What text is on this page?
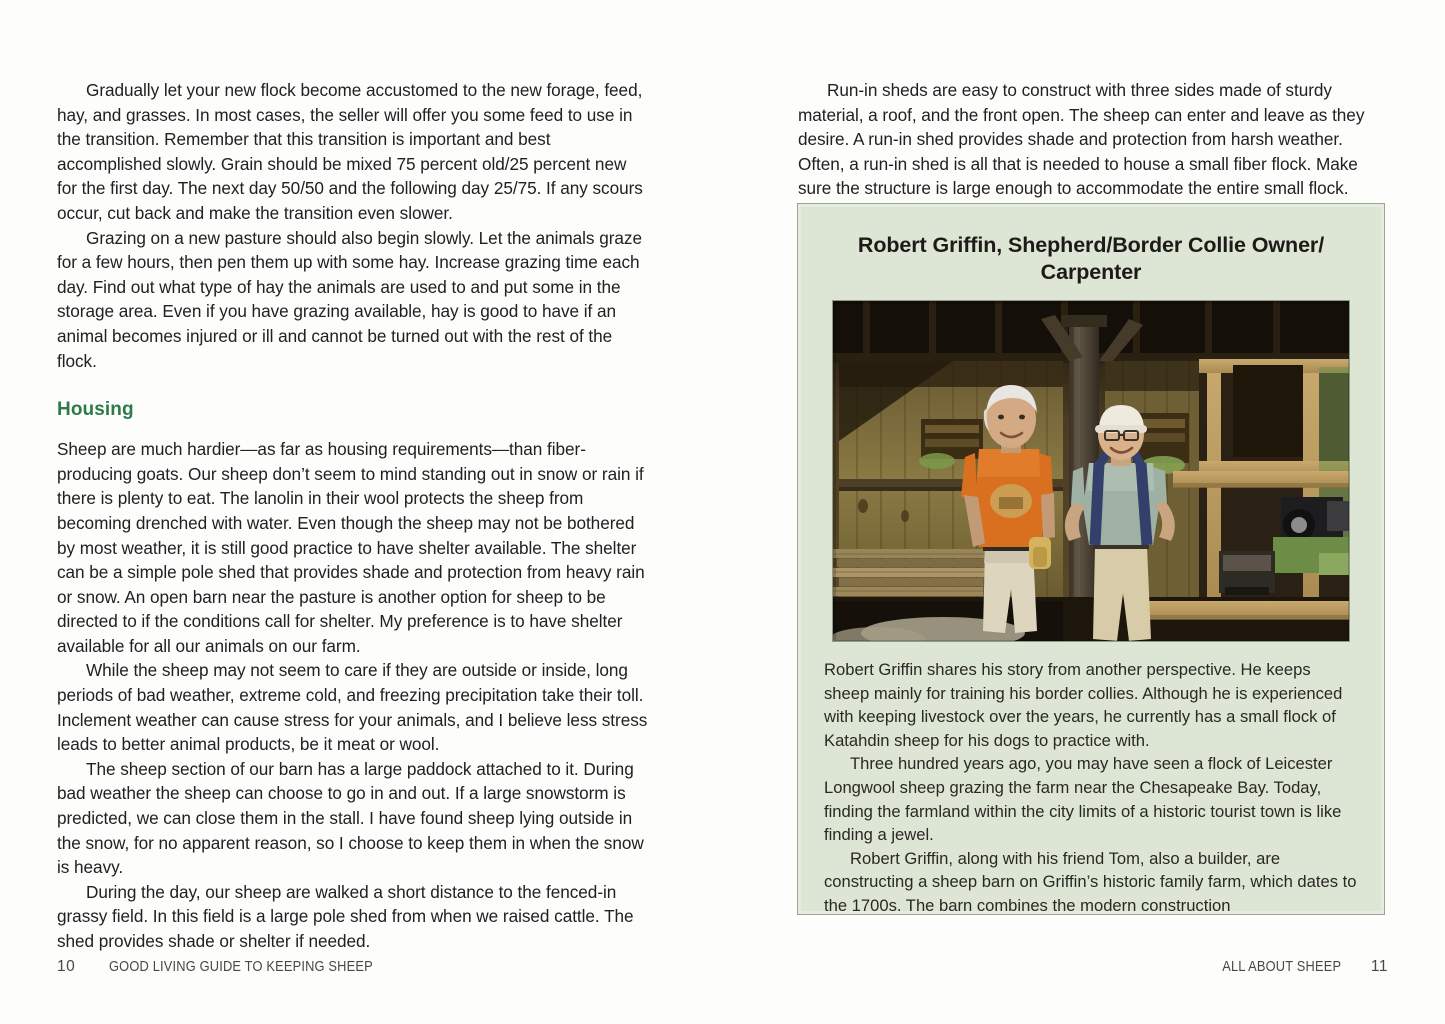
Gradually let your new flock become accustomed to the new forage, feed, hay, and grasses. In most cases, the seller will offer you some feed to use in the transition. Remember that this transition is important and best accomplished slowly. Grain should be mixed 75 percent old/25 percent new for the first day. The next day 50/50 and the following day 25/75. If any scours occur, cut back and make the transition even slower.

Grazing on a new pasture should also begin slowly. Let the animals graze for a few hours, then pen them up with some hay. Increase grazing time each day. Find out what type of hay the animals are used to and put some in the storage area. Even if you have grazing available, hay is good to have if an animal becomes injured or ill and cannot be turned out with the rest of the flock.

Housing

Sheep are much hardier—as far as housing requirements—than fiber-producing goats. Our sheep don’t seem to mind standing out in snow or rain if there is plenty to eat. The lanolin in their wool protects the sheep from becoming drenched with water. Even though the sheep may not be bothered by most weather, it is still good practice to have shelter available. The shelter can be a simple pole shed that provides shade and protection from heavy rain or snow. An open barn near the pasture is another option for sheep to be directed to if the conditions call for shelter. My preference is to have shelter available for all our animals on our farm.

While the sheep may not seem to care if they are outside or inside, long periods of bad weather, extreme cold, and freezing precipitation take their toll. Inclement weather can cause stress for your animals, and I believe less stress leads to better animal products, be it meat or wool.

The sheep section of our barn has a large paddock attached to it. During bad weather the sheep can choose to go in and out. If a large snowstorm is predicted, we can close them in the stall. I have found sheep lying outside in the snow, for no apparent reason, so I choose to keep them in when the snow is heavy.

During the day, our sheep are walked a short distance to the fenced-in grassy field. In this field is a large pole shed from when we raised cattle. The shed provides shade or shelter if needed.

10 GOOD LIVING GUIDE TO KEEPING SHEEP

Run-in sheds are easy to construct with three sides made of sturdy material, a roof, and the front open. The sheep can enter and leave as they desire. A run-in shed provides shade and protection from harsh weather. Often, a run-in shed is all that is needed to house a small fiber flock. Make sure the structure is large enough to accommodate the entire small flock.

Robert Griffin, Shepherd/Border Collie Owner/ Carpenter

Robert Griffin shares his story from another perspective. He keeps sheep mainly for training his border collies. Although he is experienced with keeping livestock over the years, he currently has a small flock of Katahdin sheep for his dogs to practice with.

Three hundred years ago, you may have seen a flock of Leicester Longwool sheep grazing the farm near the Chesapeake Bay. Today, finding the farmland within the city limits of a historic tourist town is like finding a jewel.

Robert Griffin, along with his friend Tom, also a builder, are constructing a sheep barn on Griffin’s historic family farm, which dates to the 1700s. The barn combines the modern construction

ALL ABOUT SHEEP 11
